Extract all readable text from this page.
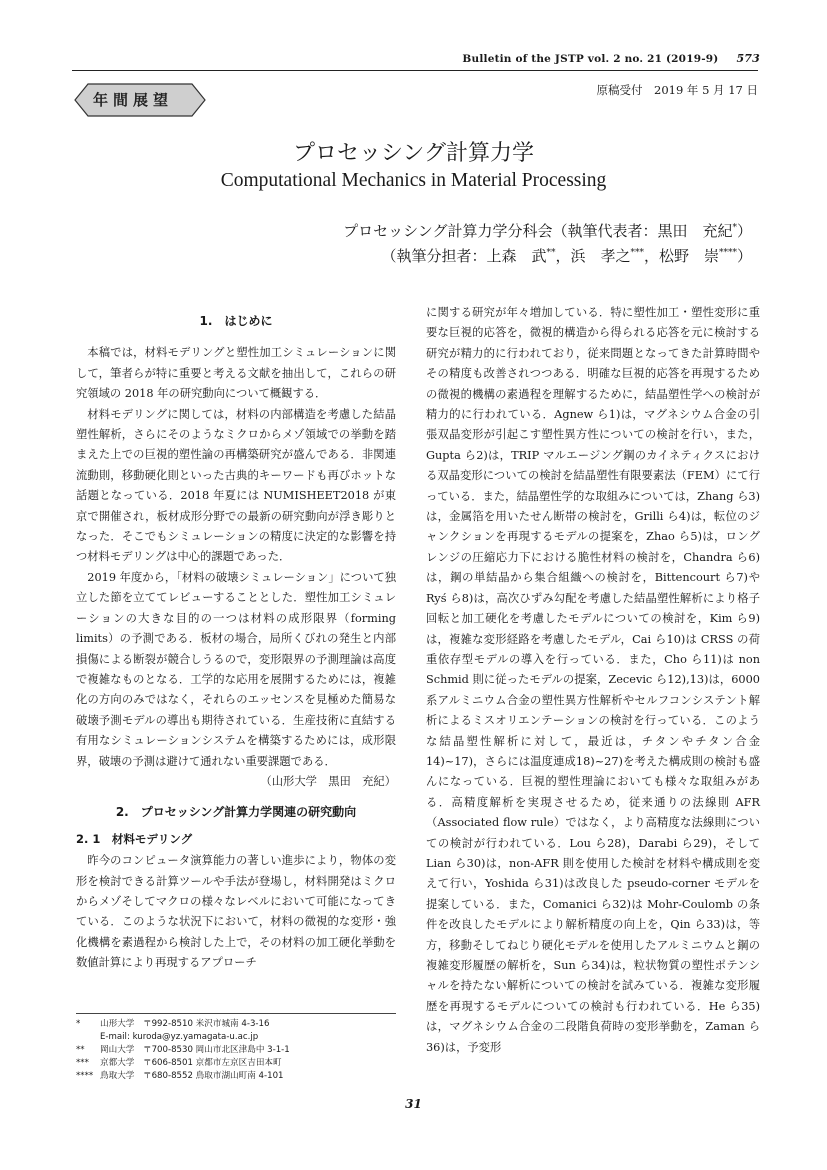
Bulletin of the JSTP vol. 2 no. 21 (2019-9) 573
年間展望
原稿受付　2019 年 5 月 17 日
プロセッシング計算力学
Computational Mechanics in Material Processing
プロセッシング計算力学分科会（執筆代表者：黒田　充紀*）
（執筆分担者：上森　武**，浜　孝之***，松野　崇****）
1.　はじめに

本稿では，材料モデリングと塑性加工シミュレーションに関して，筆者らが特に重要と考える文献を抽出して，これらの研究領域の 2018 年の研究動向について概観する．

材料モデリングに関しては，材料の内部構造を考慮した結晶塑性解析，さらにそのようなミクロからメゾ領域での挙動を踏まえた上での巨視的塑性論の再構築研究が盛んである．非関連流動則，移動硬化則といった古典的キーワードも再びホットな話題となっている．2018 年夏には NUMISHEET2018 が東京で開催され，板材成形分野での最新の研究動向が浮き彫りとなった．そこでもシミュレーションの精度に決定的な影響を持つ材料モデリングは中心的課題であった．

2019 年度から，「材料の破壊シミュレーション」について独立した節を立ててレビューすることとした．塑性加工シミュレーションの大きな目的の一つは材料の成形限界（forming limits）の予測である．板材の場合，局所くびれの発生と内部損傷による断裂が競合しうるので，変形限界の予測理論は高度で複雑なものとなる．工学的な応用を展開するためには，複雑化の方向のみではなく，それらのエッセンスを見極めた簡易な破壊予測モデルの導出も期待されている．生産技術に直結する有用なシミュレーションシステムを構築するためには，成形限界，破壊の予測は避けて通れない重要課題である．

（山形大学　黒田　充紀）

2.　プロセッシング計算力学関連の研究動向
2. 1　材料モデリング

昨今のコンピュータ演算能力の著しい進歩により，物体の変形を検討できる計算ツールや手法が登場し，材料開発はミクロからメゾそしてマクロの様々なレベルにおいて可能になってきている．このような状況下において，材料の微視的な変形・強化機構を素過程から検討した上で，その材料の加工硬化挙動を数値計算により再現するアプローチ

に関する研究が年々増加している．特に塑性加工・塑性変形に重要な巨視的応答を，微視的構造から得られる応答を元に検討する研究が精力的に行われており，従来問題となってきた計算時間やその精度も改善されつつある．明確な巨視的応答を再現するための微視的機構の素過程を理解するために，結晶塑性学への検討が精力的に行われている．Agnew ら1)は，マグネシウム合金の引張双晶変形が引起こす塑性異方性についての検討を行い，また，Gupta ら2)は，TRIP マルエージング鋼のカイネティクスにおける双晶変形についての検討を結晶塑性有限要素法（FEM）にて行っている．また，結晶塑性学的な取組みについては，Zhang ら3)は，金属箔を用いたせん断帯の検討を，Grilli ら4)は，転位のジャンクションを再現するモデルの提案を，Zhao ら5)は，ロングレンジの圧縮応力下における脆性材料の検討を，Chandra ら6)は，鋼の単結晶から集合組織への検討を，Bittencourt ら7)や Ryś ら8)は，高次ひずみ勾配を考慮した結晶塑性解析により格子回転と加工硬化を考慮したモデルについての検討を，Kim ら9)は，複雑な変形経路を考慮したモデル，Cai ら10)は CRSS の荷重依存型モデルの導入を行っている．また，Cho ら11)は non Schmid 則に従ったモデルの提案，Zecevic ら12),13)は，6000 系アルミニウム合金の塑性異方性解析やセルフコンシステント解析によるミスオリエンテーションの検討を行っている．このような結晶塑性解析に対して，最近は，チタンやチタン合金14)~17)，さらには温度連成18)~27)を考えた構成則の検討も盛んになっている．巨視的塑性理論においても様々な取組みがある．高精度解析を実現させるため，従来通りの法線則 AFR（Associated flow rule）ではなく，より高精度な法線則についての検討が行われている．Lou ら28)，Darabi ら29)，そして Lian ら30)は，non-AFR 則を使用した検討を材料や構成則を変えて行い，Yoshida ら31)は改良した pseudo-corner モデルを提案している．また，Comanici ら32)は Mohr-Coulomb の条件を改良したモデルにより解析精度の向上を，Qin ら33)は，等方，移動そしてねじり硬化モデルを使用したアルミニウムと鋼の複雑変形履歴の解析を，Sun ら34)は，粒状物質の塑性ポテンシャルを持たない解析についての検討を試みている．複雑な変形履歴を再現するモデルについての検討も行われている．He ら35)は，マグネシウム合金の二段階負荷時の変形挙動を，Zaman ら36)は，予変形

* 山形大学　〒992-8510 米沢市城南 4-3-16
E-mail: kuroda@yz.yamagata-u.ac.jp
** 岡山大学　〒700-8530 岡山市北区津島中 3-1-1
*** 京都大学　〒606-8501 京都市左京区吉田本町
**** 鳥取大学　〒680-8552 鳥取市湖山町南 4-101
31
